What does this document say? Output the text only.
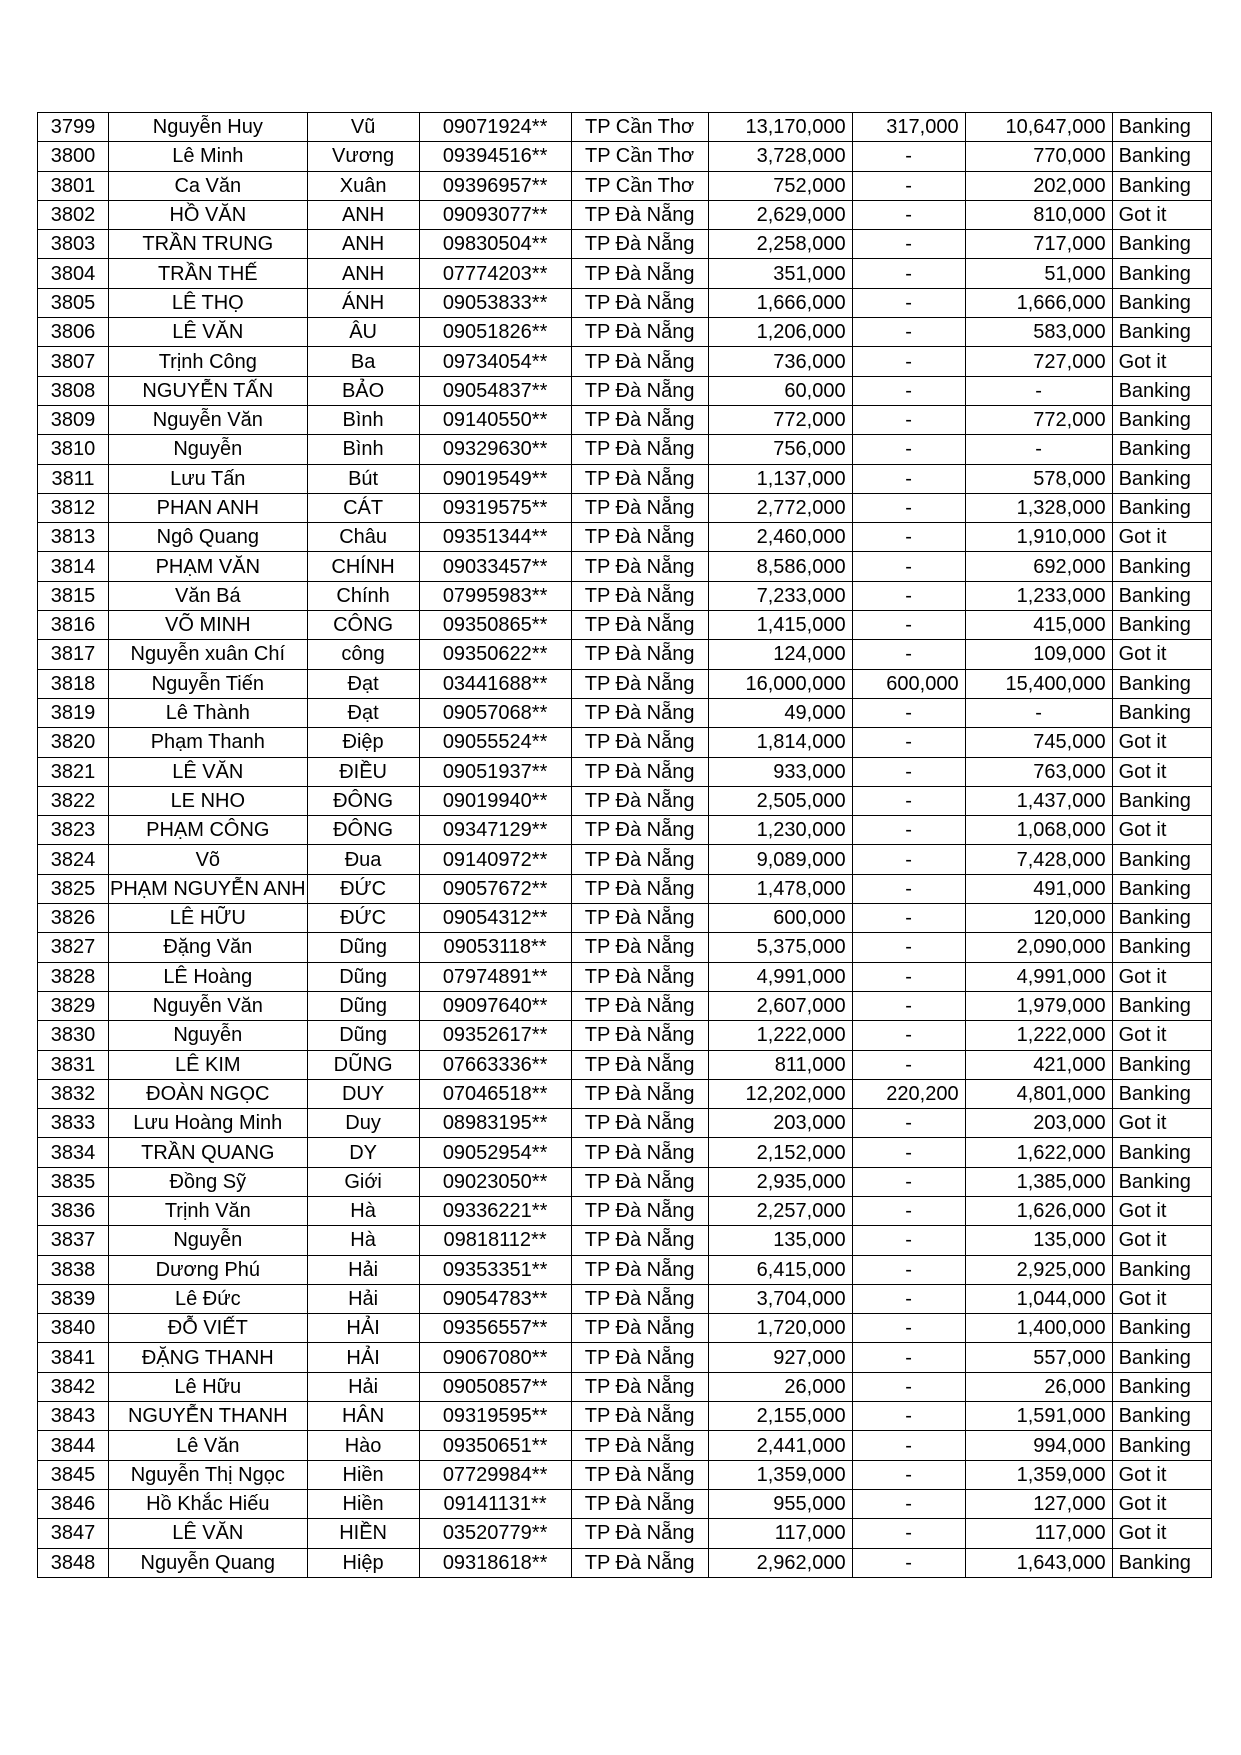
3799	Nguyễn Huy	Vũ	09071924**	TP Cần Thơ	13,170,000	317,000	10,647,000	Banking
3800	Lê Minh	Vương	09394516**	TP Cần Thơ	3,728,000	-	770,000	Banking
3801	Ca Văn	Xuân	09396957**	TP Cần Thơ	752,000	-	202,000	Banking
3802	HỒ VĂN	ANH	09093077**	TP Đà Nẵng	2,629,000	-	810,000	Got it
3803	TRẦN TRUNG	ANH	09830504**	TP Đà Nẵng	2,258,000	-	717,000	Banking
3804	TRẦN THẾ	ANH	07774203**	TP Đà Nẵng	351,000	-	51,000	Banking
3805	LÊ THỌ	ÁNH	09053833**	TP Đà Nẵng	1,666,000	-	1,666,000	Banking
3806	LÊ VĂN	ÂU	09051826**	TP Đà Nẵng	1,206,000	-	583,000	Banking
3807	Trịnh Công	Ba	09734054**	TP Đà Nẵng	736,000	-	727,000	Got it
3808	NGUYỄN TẤN	BẢO	09054837**	TP Đà Nẵng	60,000	-	-	Banking
3809	Nguyễn Văn	Bình	09140550**	TP Đà Nẵng	772,000	-	772,000	Banking
3810	Nguyễn	Bình	09329630**	TP Đà Nẵng	756,000	-	-	Banking
3811	Lưu Tấn	Bút	09019549**	TP Đà Nẵng	1,137,000	-	578,000	Banking
3812	PHAN ANH	CÁT	09319575**	TP Đà Nẵng	2,772,000	-	1,328,000	Banking
3813	Ngô Quang	Châu	09351344**	TP Đà Nẵng	2,460,000	-	1,910,000	Got it
3814	PHẠM VĂN	CHÍNH	09033457**	TP Đà Nẵng	8,586,000	-	692,000	Banking
3815	Văn Bá	Chính	07995983**	TP Đà Nẵng	7,233,000	-	1,233,000	Banking
3816	VÕ MINH	CÔNG	09350865**	TP Đà Nẵng	1,415,000	-	415,000	Banking
3817	Nguyễn xuân Chí	công	09350622**	TP Đà Nẵng	124,000	-	109,000	Got it
3818	Nguyễn Tiến	Đạt	03441688**	TP Đà Nẵng	16,000,000	600,000	15,400,000	Banking
3819	Lê Thành	Đạt	09057068**	TP Đà Nẵng	49,000	-	-	Banking
3820	Phạm Thanh	Điệp	09055524**	TP Đà Nẵng	1,814,000	-	745,000	Got it
3821	LÊ VĂN	ĐIỀU	09051937**	TP Đà Nẵng	933,000	-	763,000	Got it
3822	LE NHO	ĐÔNG	09019940**	TP Đà Nẵng	2,505,000	-	1,437,000	Banking
3823	PHẠM CÔNG	ĐÔNG	09347129**	TP Đà Nẵng	1,230,000	-	1,068,000	Got it
3824	Võ	Đua	09140972**	TP Đà Nẵng	9,089,000	-	7,428,000	Banking
3825	PHẠM NGUYỄN ANH	ĐỨC	09057672**	TP Đà Nẵng	1,478,000	-	491,000	Banking
3826	LÊ HỮU	ĐỨC	09054312**	TP Đà Nẵng	600,000	-	120,000	Banking
3827	Đặng Văn	Dũng	09053118**	TP Đà Nẵng	5,375,000	-	2,090,000	Banking
3828	LÊ Hoàng	Dũng	07974891**	TP Đà Nẵng	4,991,000	-	4,991,000	Got it
3829	Nguyễn Văn	Dũng	09097640**	TP Đà Nẵng	2,607,000	-	1,979,000	Banking
3830	Nguyễn	Dũng	09352617**	TP Đà Nẵng	1,222,000	-	1,222,000	Got it
3831	LÊ KIM	DŨNG	07663336**	TP Đà Nẵng	811,000	-	421,000	Banking
3832	ĐOÀN NGỌC	DUY	07046518**	TP Đà Nẵng	12,202,000	220,200	4,801,000	Banking
3833	Lưu Hoàng Minh	Duy	08983195**	TP Đà Nẵng	203,000	-	203,000	Got it
3834	TRẦN QUANG	DY	09052954**	TP Đà Nẵng	2,152,000	-	1,622,000	Banking
3835	Đồng Sỹ	Giới	09023050**	TP Đà Nẵng	2,935,000	-	1,385,000	Banking
3836	Trịnh Văn	Hà	09336221**	TP Đà Nẵng	2,257,000	-	1,626,000	Got it
3837	Nguyễn	Hà	09818112**	TP Đà Nẵng	135,000	-	135,000	Got it
3838	Dương Phú	Hải	09353351**	TP Đà Nẵng	6,415,000	-	2,925,000	Banking
3839	Lê Đức	Hải	09054783**	TP Đà Nẵng	3,704,000	-	1,044,000	Got it
3840	ĐỖ VIẾT	HẢI	09356557**	TP Đà Nẵng	1,720,000	-	1,400,000	Banking
3841	ĐẶNG THANH	HẢI	09067080**	TP Đà Nẵng	927,000	-	557,000	Banking
3842	Lê Hữu	Hải	09050857**	TP Đà Nẵng	26,000	-	26,000	Banking
3843	NGUYỄN THANH	HÂN	09319595**	TP Đà Nẵng	2,155,000	-	1,591,000	Banking
3844	Lê Văn	Hào	09350651**	TP Đà Nẵng	2,441,000	-	994,000	Banking
3845	Nguyễn Thị Ngọc	Hiền	07729984**	TP Đà Nẵng	1,359,000	-	1,359,000	Got it
3846	Hồ Khắc Hiếu	Hiền	09141131**	TP Đà Nẵng	955,000	-	127,000	Got it
3847	LÊ VĂN	HIỀN	03520779**	TP Đà Nẵng	117,000	-	117,000	Got it
3848	Nguyễn Quang	Hiệp	09318618**	TP Đà Nẵng	2,962,000	-	1,643,000	Banking
